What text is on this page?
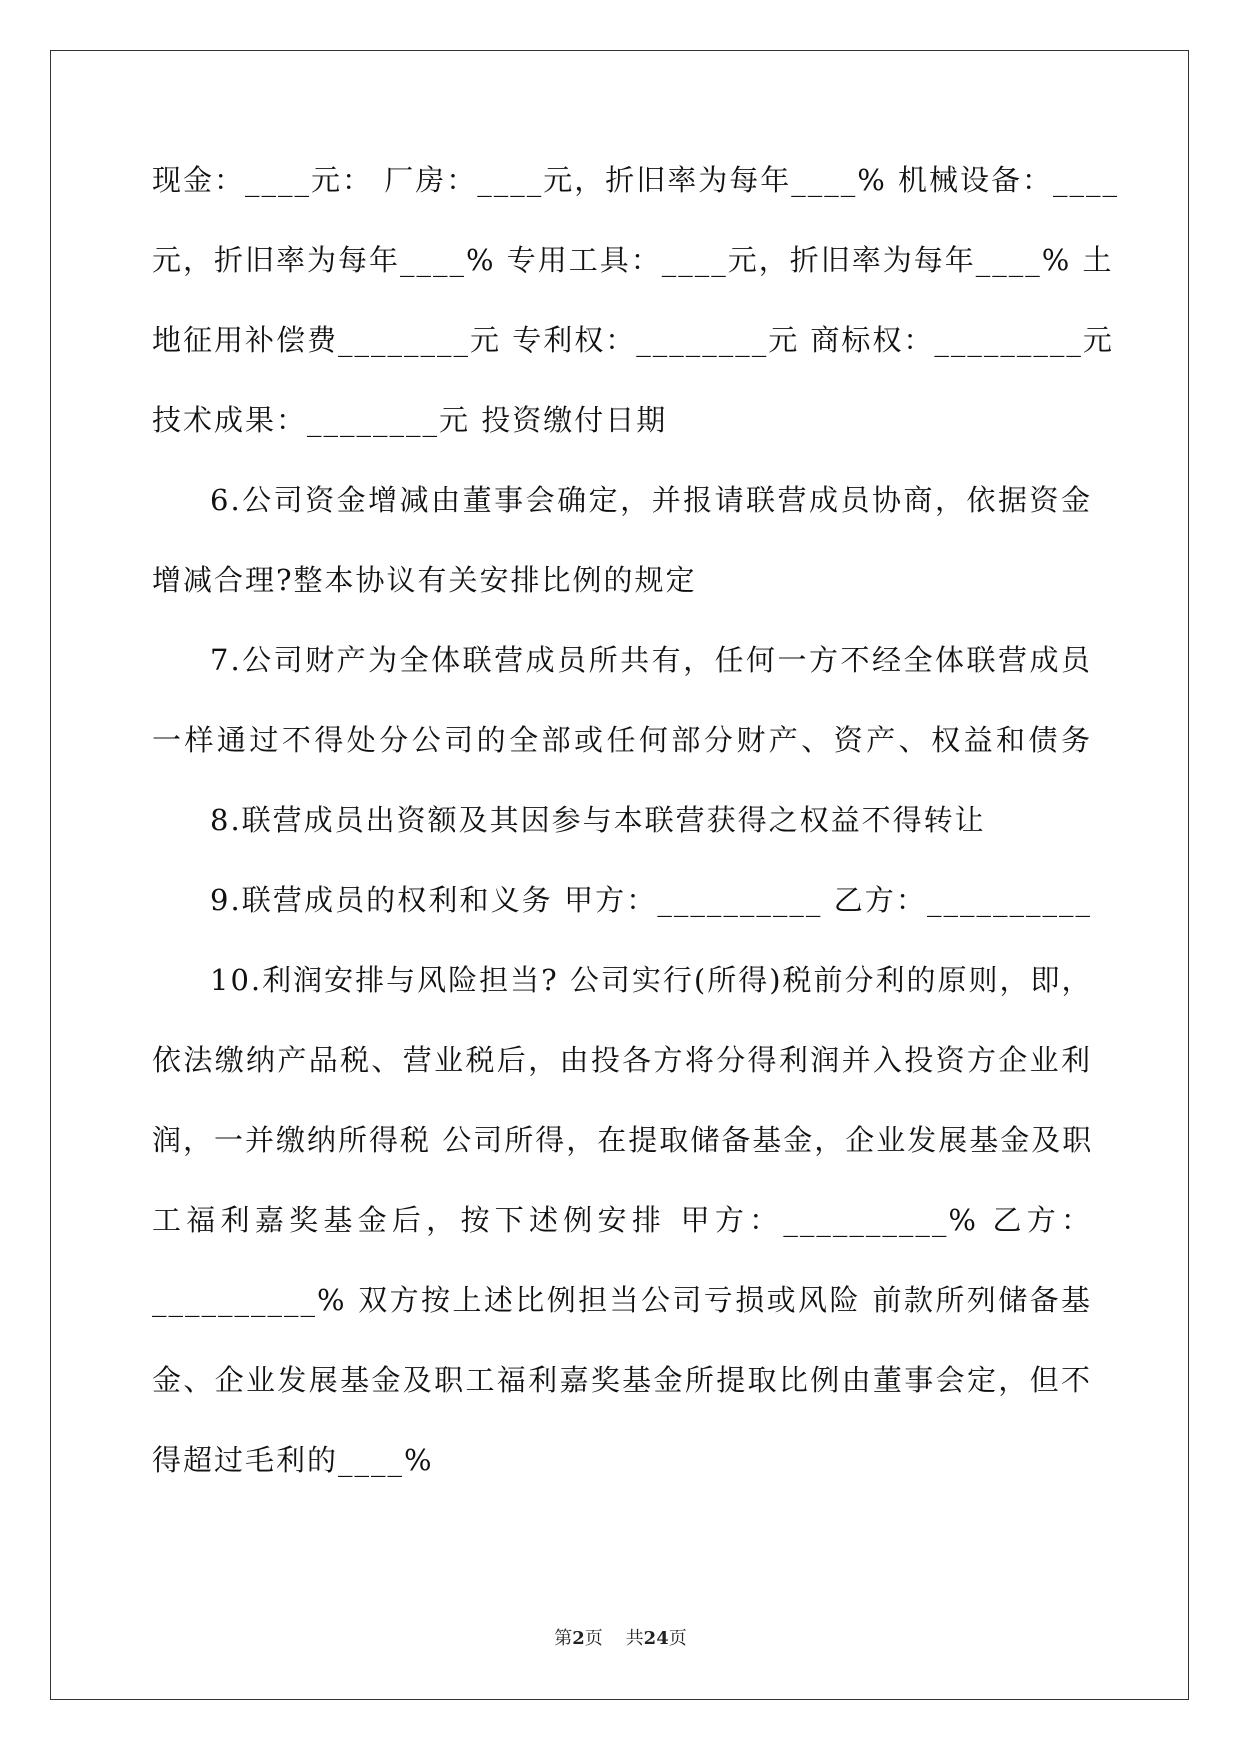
现金：____元： 厂房：____元，折旧率为每年____% 机械设备：____
元，折旧率为每年____% 专用工具：____元，折旧率为每年____% 土
地征用补偿费________元 专利权：________元 商标权：_________元
技术成果：________元 投资缴付日期
6.公司资金增减由董事会确定，并报请联营成员协商，依据资金
增减合理?整本协议有关安排比例的规定
7.公司财产为全体联营成员所共有，任何一方不经全体联营成员
一样通过不得处分公司的全部或任何部分财产、资产、权益和债务
8.联营成员出资额及其因参与本联营获得之权益不得转让
9.联营成员的权利和义务 甲方：__________ 乙方：__________
10.利润安排与风险担当? 公司实行(所得)税前分利的原则，即，
依法缴纳产品税、营业税后，由投各方将分得利润并入投资方企业利
润，一并缴纳所得税 公司所得，在提取储备基金，企业发展基金及职
工福利嘉奖基金后，按下述例安排 甲方：__________% 乙方：
__________% 双方按上述比例担当公司亏损或风险 前款所列储备基
金、企业发展基金及职工福利嘉奖基金所提取比例由董事会定，但不
得超过毛利的____%
第2页 共24页
